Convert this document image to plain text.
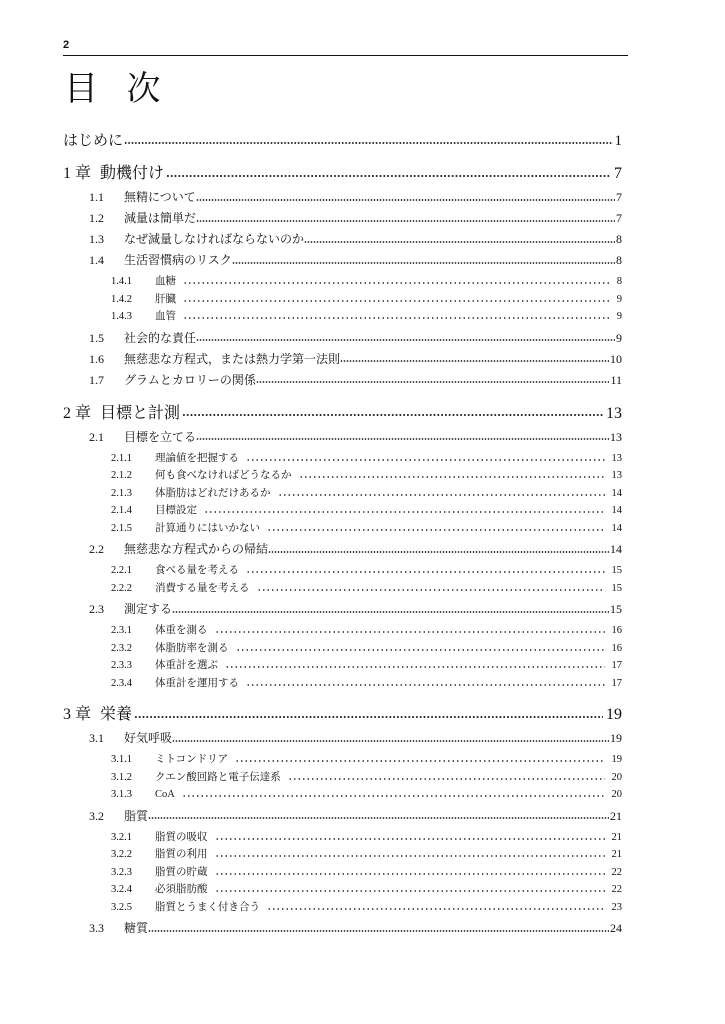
2
目 次
はじめに	1
1 章 動機付け	7
1.1	無精について	7
1.2	減量は簡単だ	7
1.3	なぜ減量しなければならないのか	8
1.4	生活習慣病のリスク	8
1.4.1	血糖	8
1.4.2	肝臓	9
1.4.3	血管	9
1.5	社会的な責任	9
1.6	無慈悲な方程式，または熱力学第一法則	10
1.7	グラムとカロリーの関係	11
2 章 目標と計測	13
2.1	目標を立てる	13
2.1.1	理論値を把握する	13
2.1.2	何も食べなければどうなるか	13
2.1.3	体脂肪はどれだけあるか	14
2.1.4	目標設定	14
2.1.5	計算通りにはいかない	14
2.2	無慈悲な方程式からの帰結	14
2.2.1	食べる量を考える	15
2.2.2	消費する量を考える	15
2.3	測定する	15
2.3.1	体重を測る	16
2.3.2	体脂肪率を測る	16
2.3.3	体重計を選ぶ	17
2.3.4	体重計を運用する	17
3 章 栄養	19
3.1	好気呼吸	19
3.1.1	ミトコンドリア	19
3.1.2	クエン酸回路と電子伝達系	20
3.1.3	CoA	20
3.2	脂質	21
3.2.1	脂質の吸収	21
3.2.2	脂質の利用	21
3.2.3	脂質の貯蔵	22
3.2.4	必須脂肪酸	22
3.2.5	脂質とうまく付き合う	23
3.3	糖質	24
